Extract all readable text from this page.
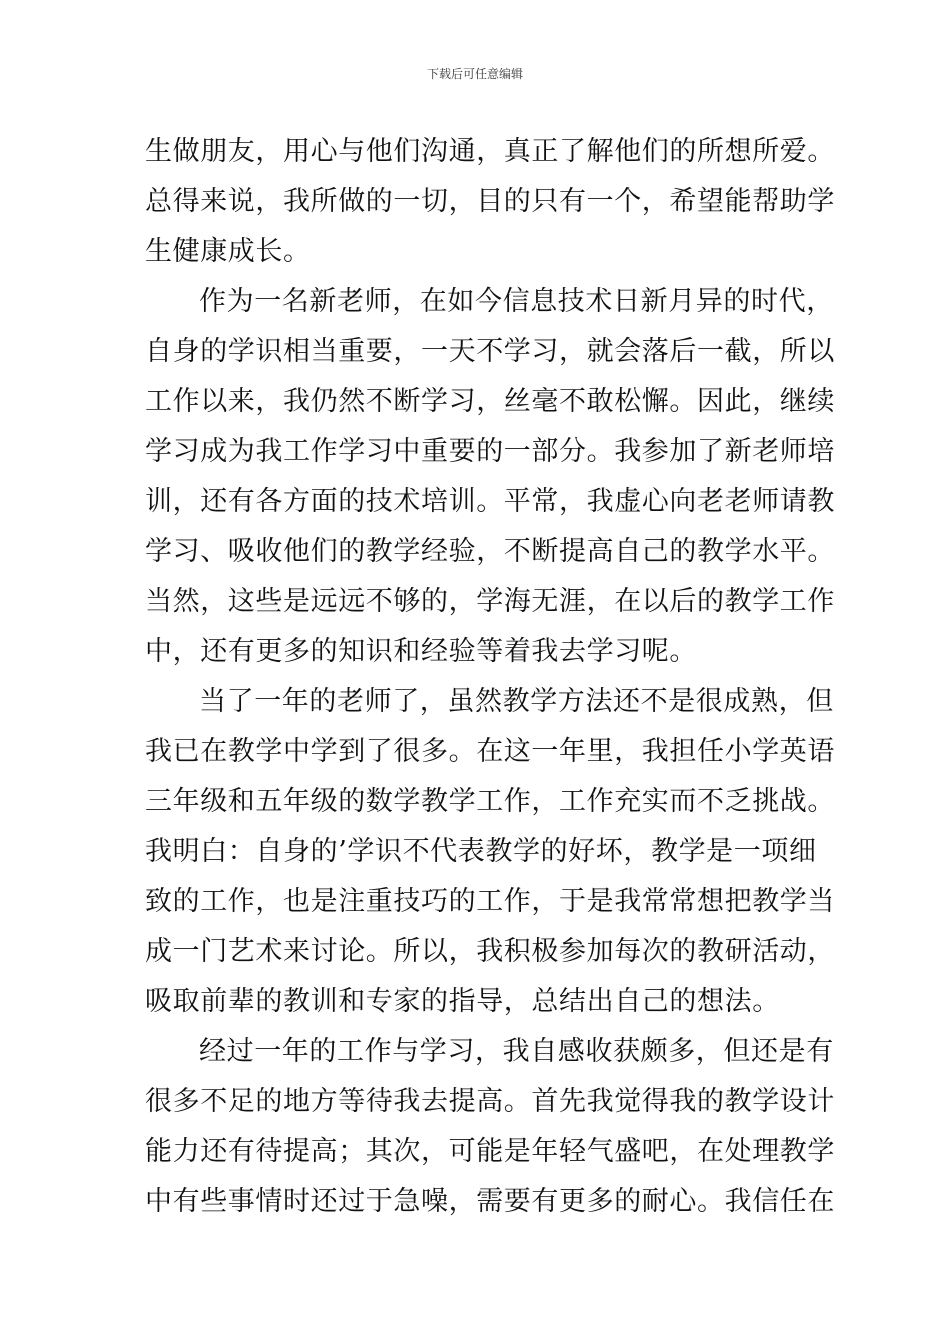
下载后可任意编辑
生做朋友，用心与他们沟通，真正了解他们的所想所爱。
总得来说，我所做的一切，目的只有一个，希望能帮助学
生健康成长。
作为一名新老师，在如今信息技术日新月异的时代，
自身的学识相当重要，一天不学习，就会落后一截，所以
工作以来，我仍然不断学习，丝毫不敢松懈。因此，继续
学习成为我工作学习中重要的一部分。我参加了新老师培
训，还有各方面的技术培训。平常，我虚心向老老师请教
学习、吸收他们的教学经验，不断提高自己的教学水平。
当然，这些是远远不够的，学海无涯，在以后的教学工作
中，还有更多的知识和经验等着我去学习呢。
当了一年的老师了，虽然教学方法还不是很成熟，但
我已在教学中学到了很多。在这一年里，我担任小学英语
三年级和五年级的数学教学工作，工作充实而不乏挑战。
我明白：自身的’学识不代表教学的好坏，教学是一项细
致的工作，也是注重技巧的工作，于是我常常想把教学当
成一门艺术来讨论。所以，我积极参加每次的教研活动，
吸取前辈的教训和专家的指导，总结出自己的想法。
经过一年的工作与学习，我自感收获颇多，但还是有
很多不足的地方等待我去提高。首先我觉得我的教学设计
能力还有待提高；其次，可能是年轻气盛吧，在处理教学
中有些事情时还过于急噪，需要有更多的耐心。我信任在
